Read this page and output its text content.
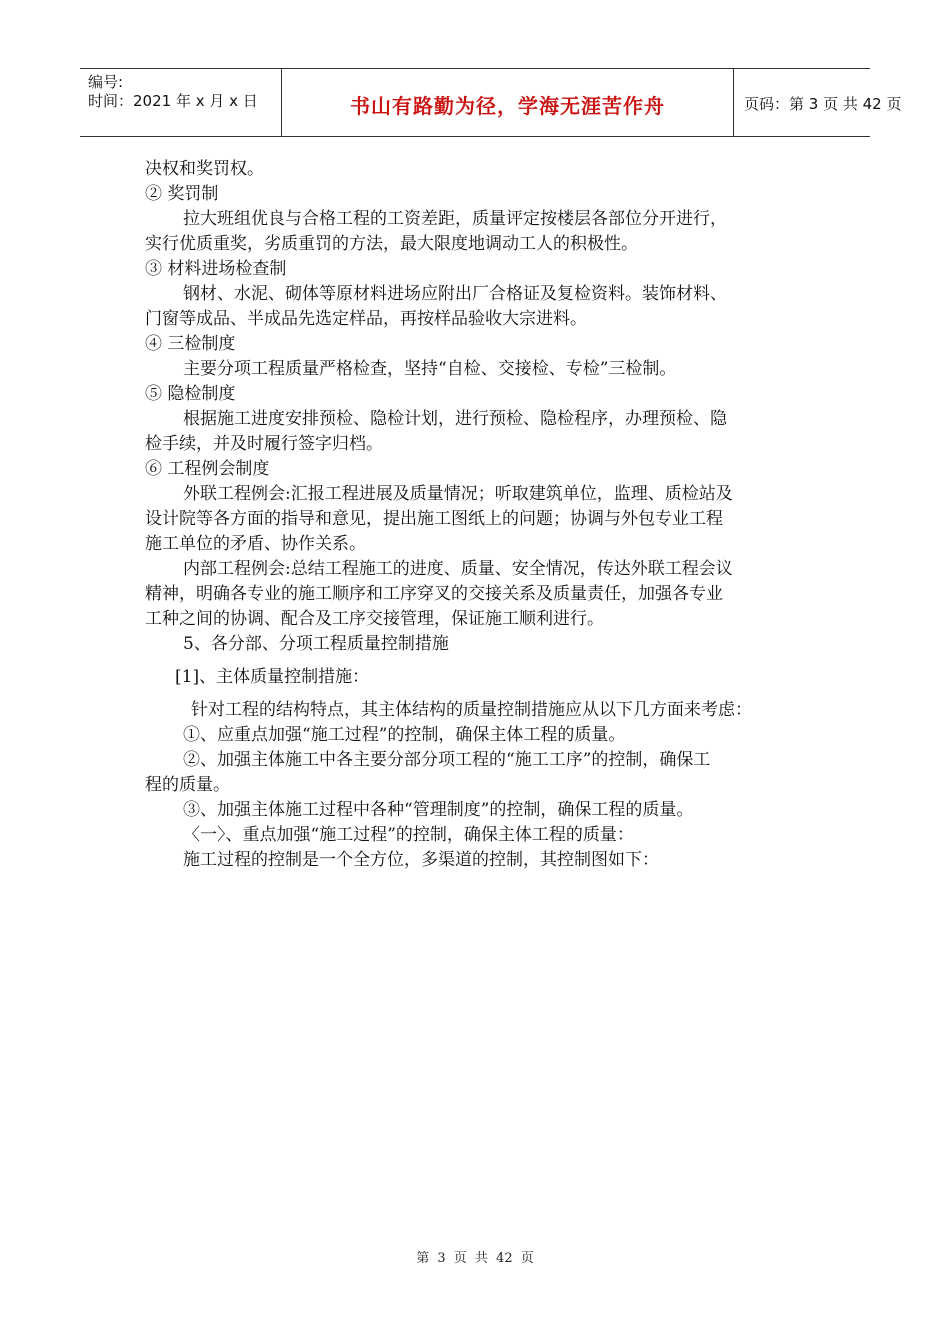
编号:
时间：2021 年 x 月 x 日	书山有路勤为径，学海无涯苦作舟	页码：第 3 页 共 42 页
决权和奖罚权。
② 奖罚制
拉大班组优良与合格工程的工资差距，质量评定按楼层各部位分开进行，
实行优质重奖，劣质重罚的方法，最大限度地调动工人的积极性。
③ 材料进场检查制
钢材、水泥、砌体等原材料进场应附出厂合格证及复检资料。装饰材料、
门窗等成品、半成品先选定样品，再按样品验收大宗进料。
④ 三检制度
主要分项工程质量严格检查，坚持“自检、交接检、专检”三检制。
⑤ 隐检制度
根据施工进度安排预检、隐检计划，进行预检、隐检程序，办理预检、隐
检手续，并及时履行签字归档。
⑥ 工程例会制度
外联工程例会:汇报工程进展及质量情况；听取建筑单位，监理、质检站及
设计院等各方面的指导和意见，提出施工图纸上的问题；协调与外包专业工程
施工单位的矛盾、协作关系。
内部工程例会:总结工程施工的进度、质量、安全情况，传达外联工程会议
精神，明确各专业的施工顺序和工序穿叉的交接关系及质量责任，加强各专业
工种之间的协调、配合及工序交接管理，保证施工顺利进行。
5、各分部、分项工程质量控制措施
[1]、主体质量控制措施：
针对工程的结构特点，其主体结构的质量控制措施应从以下几方面来考虑：
①、应重点加强“施工过程”的控制，确保主体工程的质量。
②、加强主体施工中各主要分部分项工程的“施工工序”的控制，确保工
程的质量。
③、加强主体施工过程中各种“管理制度”的控制，确保工程的质量。
〈一〉、重点加强“施工过程”的控制，确保主体工程的质量：
施工过程的控制是一个全方位，多渠道的控制，其控制图如下：
第 3 页 共 42 页
